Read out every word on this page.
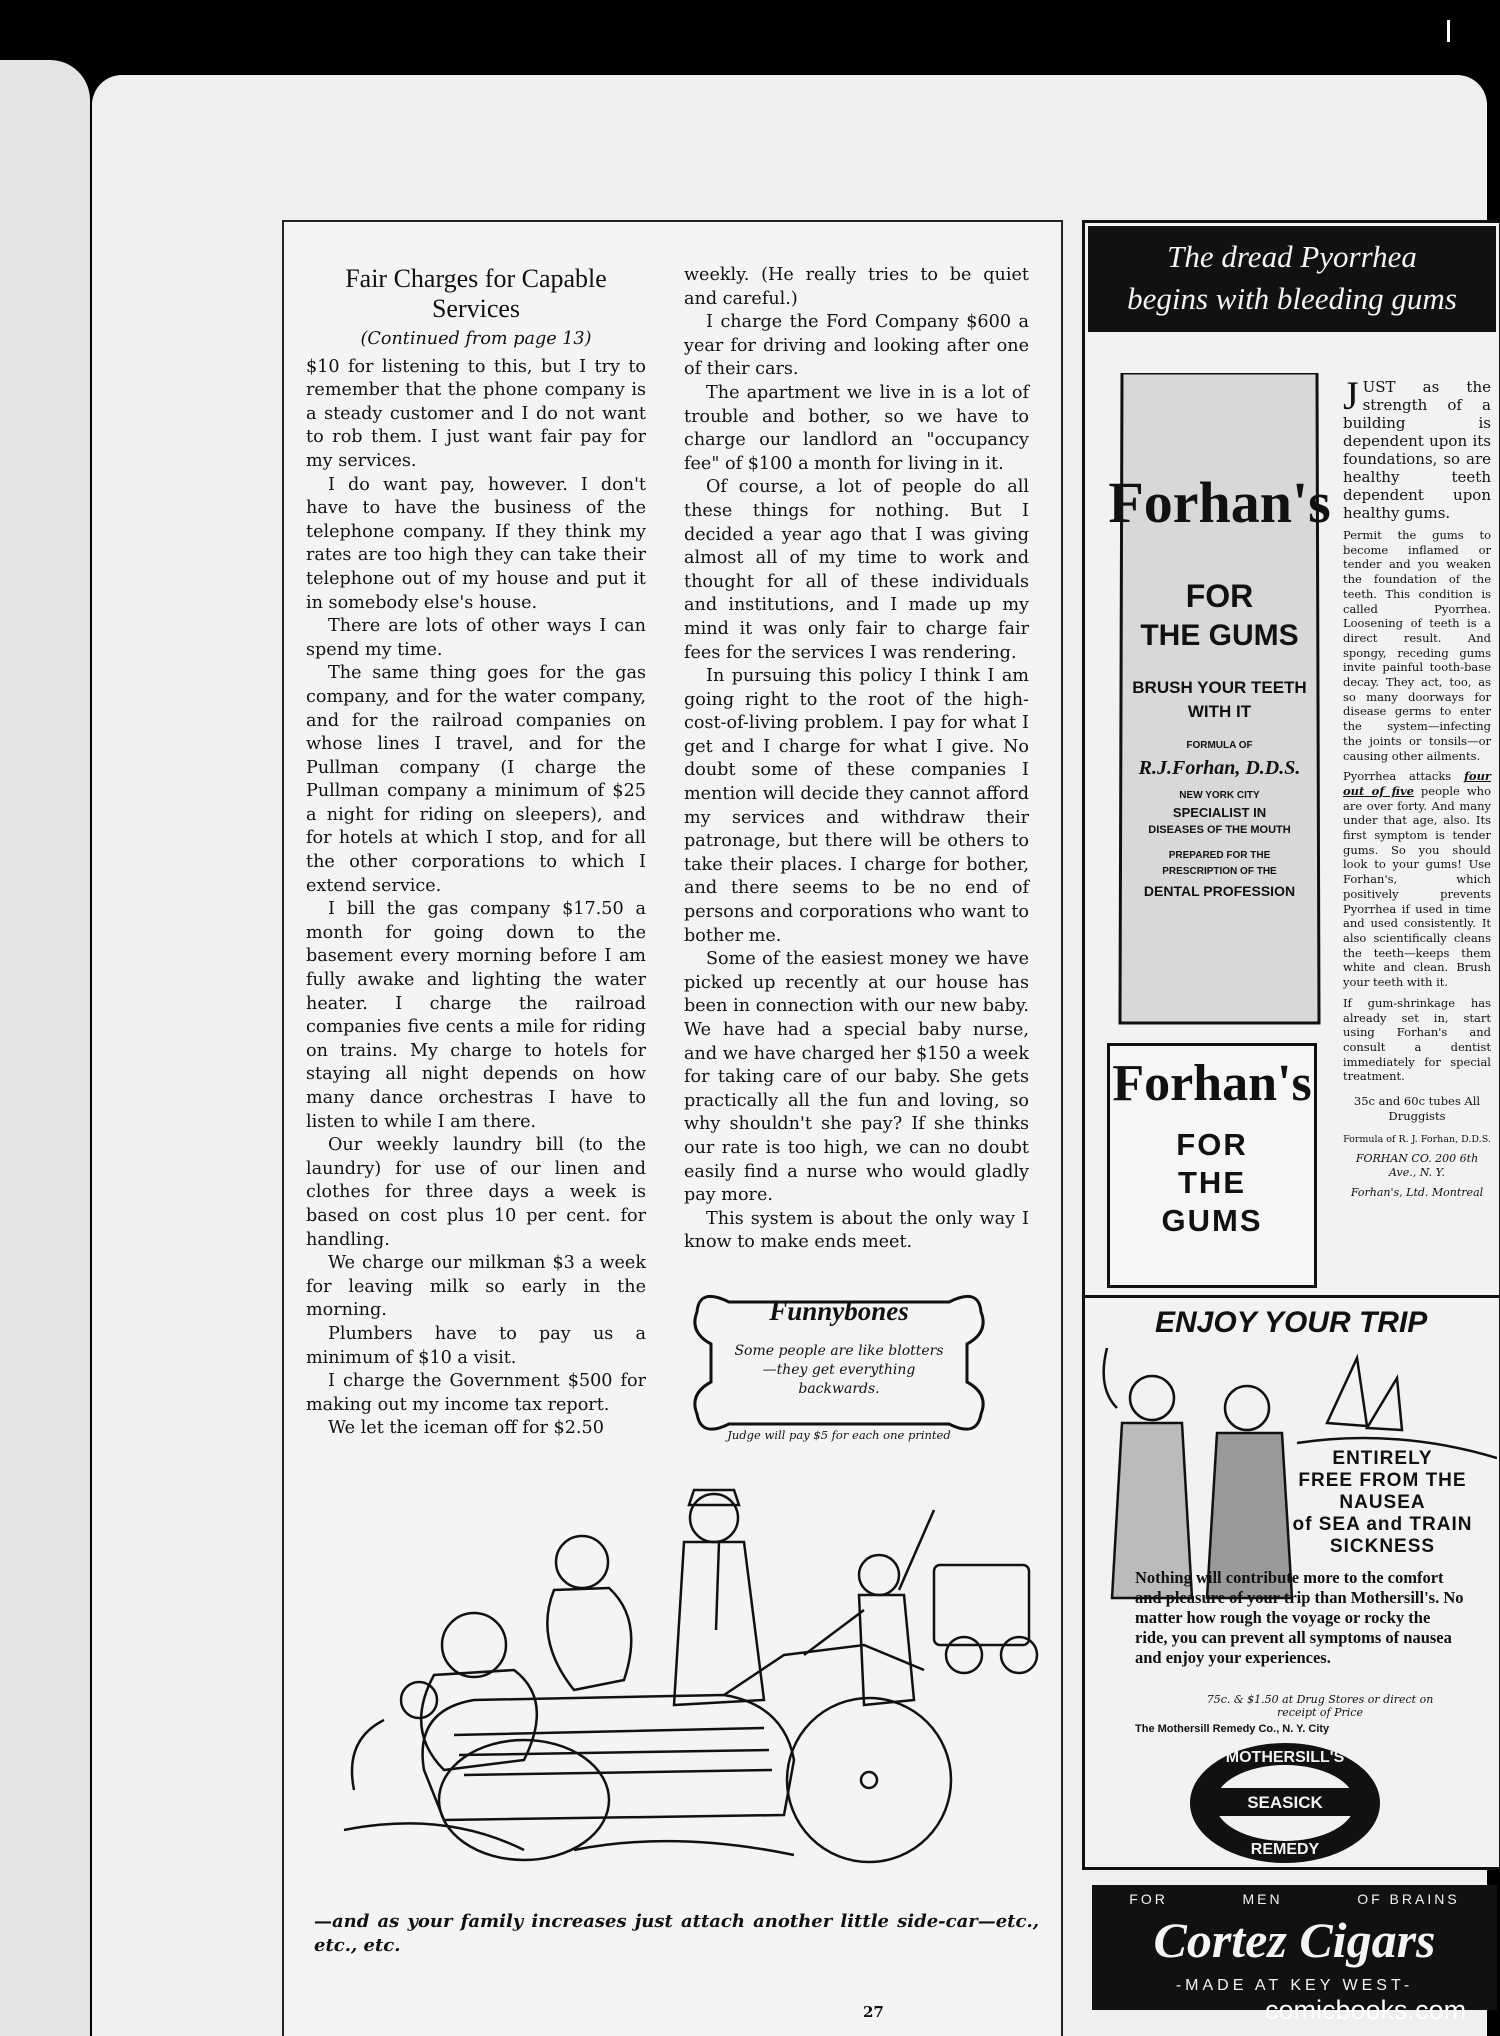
Fair Charges for Capable
Services
(Continued from page 13)

$10 for listening to this, but I try to remember that the phone company is a steady customer and I do not want to rob them. I just want fair pay for my services.

I do want pay, however. I don't have to have the business of the telephone company. If they think my rates are too high they can take their telephone out of my house and put it in somebody else's house.

There are lots of other ways I can spend my time.

The same thing goes for the gas company, and for the water company, and for the railroad companies on whose lines I travel, and for the Pullman company (I charge the Pullman company a minimum of $25 a night for riding on sleepers), and for hotels at which I stop, and for all the other corporations to which I extend service.

I bill the gas company $17.50 a month for going down to the basement every morning before I am fully awake and lighting the water heater. I charge the railroad companies five cents a mile for riding on trains. My charge to hotels for staying all night depends on how many dance orchestras I have to listen to while I am there.

Our weekly laundry bill (to the laundry) for use of our linen and clothes for three days a week is based on cost plus 10 per cent. for handling.

We charge our milkman $3 a week for leaving milk so early in the morning.

Plumbers have to pay us a minimum of $10 a visit.

I charge the Government $500 for making out my income tax report.

We let the iceman off for $2.50

weekly. (He really tries to be quiet and careful.)

I charge the Ford Company $600 a year for driving and looking after one of their cars.

The apartment we live in is a lot of trouble and bother, so we have to charge our landlord an "occupancy fee" of $100 a month for living in it.

Of course, a lot of people do all these things for nothing. But I decided a year ago that I was giving almost all of my time to work and thought for all of these individuals and institutions, and I made up my mind it was only fair to charge fair fees for the services I was rendering.

In pursuing this policy I think I am going right to the root of the high-cost-of-living problem. I pay for what I get and I charge for what I give. No doubt some of these companies I mention will decide they cannot afford my services and withdraw their patronage, but there will be others to take their places. I charge for bother, and there seems to be no end of persons and corporations who want to bother me.

Some of the easiest money we have picked up recently at our house has been in connection with our new baby. We have had a special baby nurse, and we have charged her $150 a week for taking care of our baby. She gets practically all the fun and loving, so why shouldn't she pay? If she thinks our rate is too high, we can no doubt easily find a nurse who would gladly pay more.

This system is about the only way I know to make ends meet.

Funnybones
Some people are like blotters—they get everything backwards.
Judge will pay $5 for each one printed
—and as your family increases just attach another little side-car—etc., etc., etc.
27
The dread Pyorrhea
begins with bleeding gums
Forhan's
FOR
THE GUMS
BRUSH YOUR TEETH
WITH IT
FORMULA OF
R.J.Forhan, D.D.S.
NEW YORK CITY
SPECIALIST IN
DISEASES OF THE MOUTH
PREPARED FOR THE
PRESCRIPTION OF THE
DENTAL PROFESSION
Forhan's
FOR
THE
GUMS

JUST as the strength of a building is dependent upon its foundations, so are healthy teeth dependent upon healthy gums.

Permit the gums to become inflamed or tender and you weaken the foundation of the teeth. This condition is called Pyorrhea. Loosening of teeth is a direct result. And spongy, receding gums invite painful tooth-base decay. They act, too, as so many doorways for disease germs to enter the system—infecting the joints or tonsils—or causing other ailments.

Pyorrhea attacks four out of five people who are over forty. And many under that age, also. Its first symptom is tender gums. So you should look to your gums! Use Forhan's, which positively prevents Pyorrhea if used in time and used consistently. It also scientifically cleans the teeth—keeps them white and clean. Brush your teeth with it.

If gum-shrinkage has already set in, start using Forhan's and consult a dentist immediately for special treatment.

35c and 60c tubes All Druggists
Formula of R. J. Forhan, D.D.S.
FORHAN CO. 200 6th Ave., N. Y.
Forhan's, Ltd. Montreal
ENJOY YOUR TRIP
ENTIRELY
FREE FROM THE
NAUSEA
of SEA and TRAIN
SICKNESS
Nothing will contribute more to the comfort and pleasure of your trip than Mothersill's. No matter how rough the voyage or rocky the ride, you can prevent all symptoms of nausea and enjoy your experiences.
75c. & $1.50 at Drug Stores or direct on receipt of Price
The Mothersill Remedy Co., N. Y. City
MOTHERSILL'S
SEASICK
REMEDY
FOR	MEN	OF BRAINS
Cortez Cigars
-MADE AT KEY WEST-
comicbooks.com
